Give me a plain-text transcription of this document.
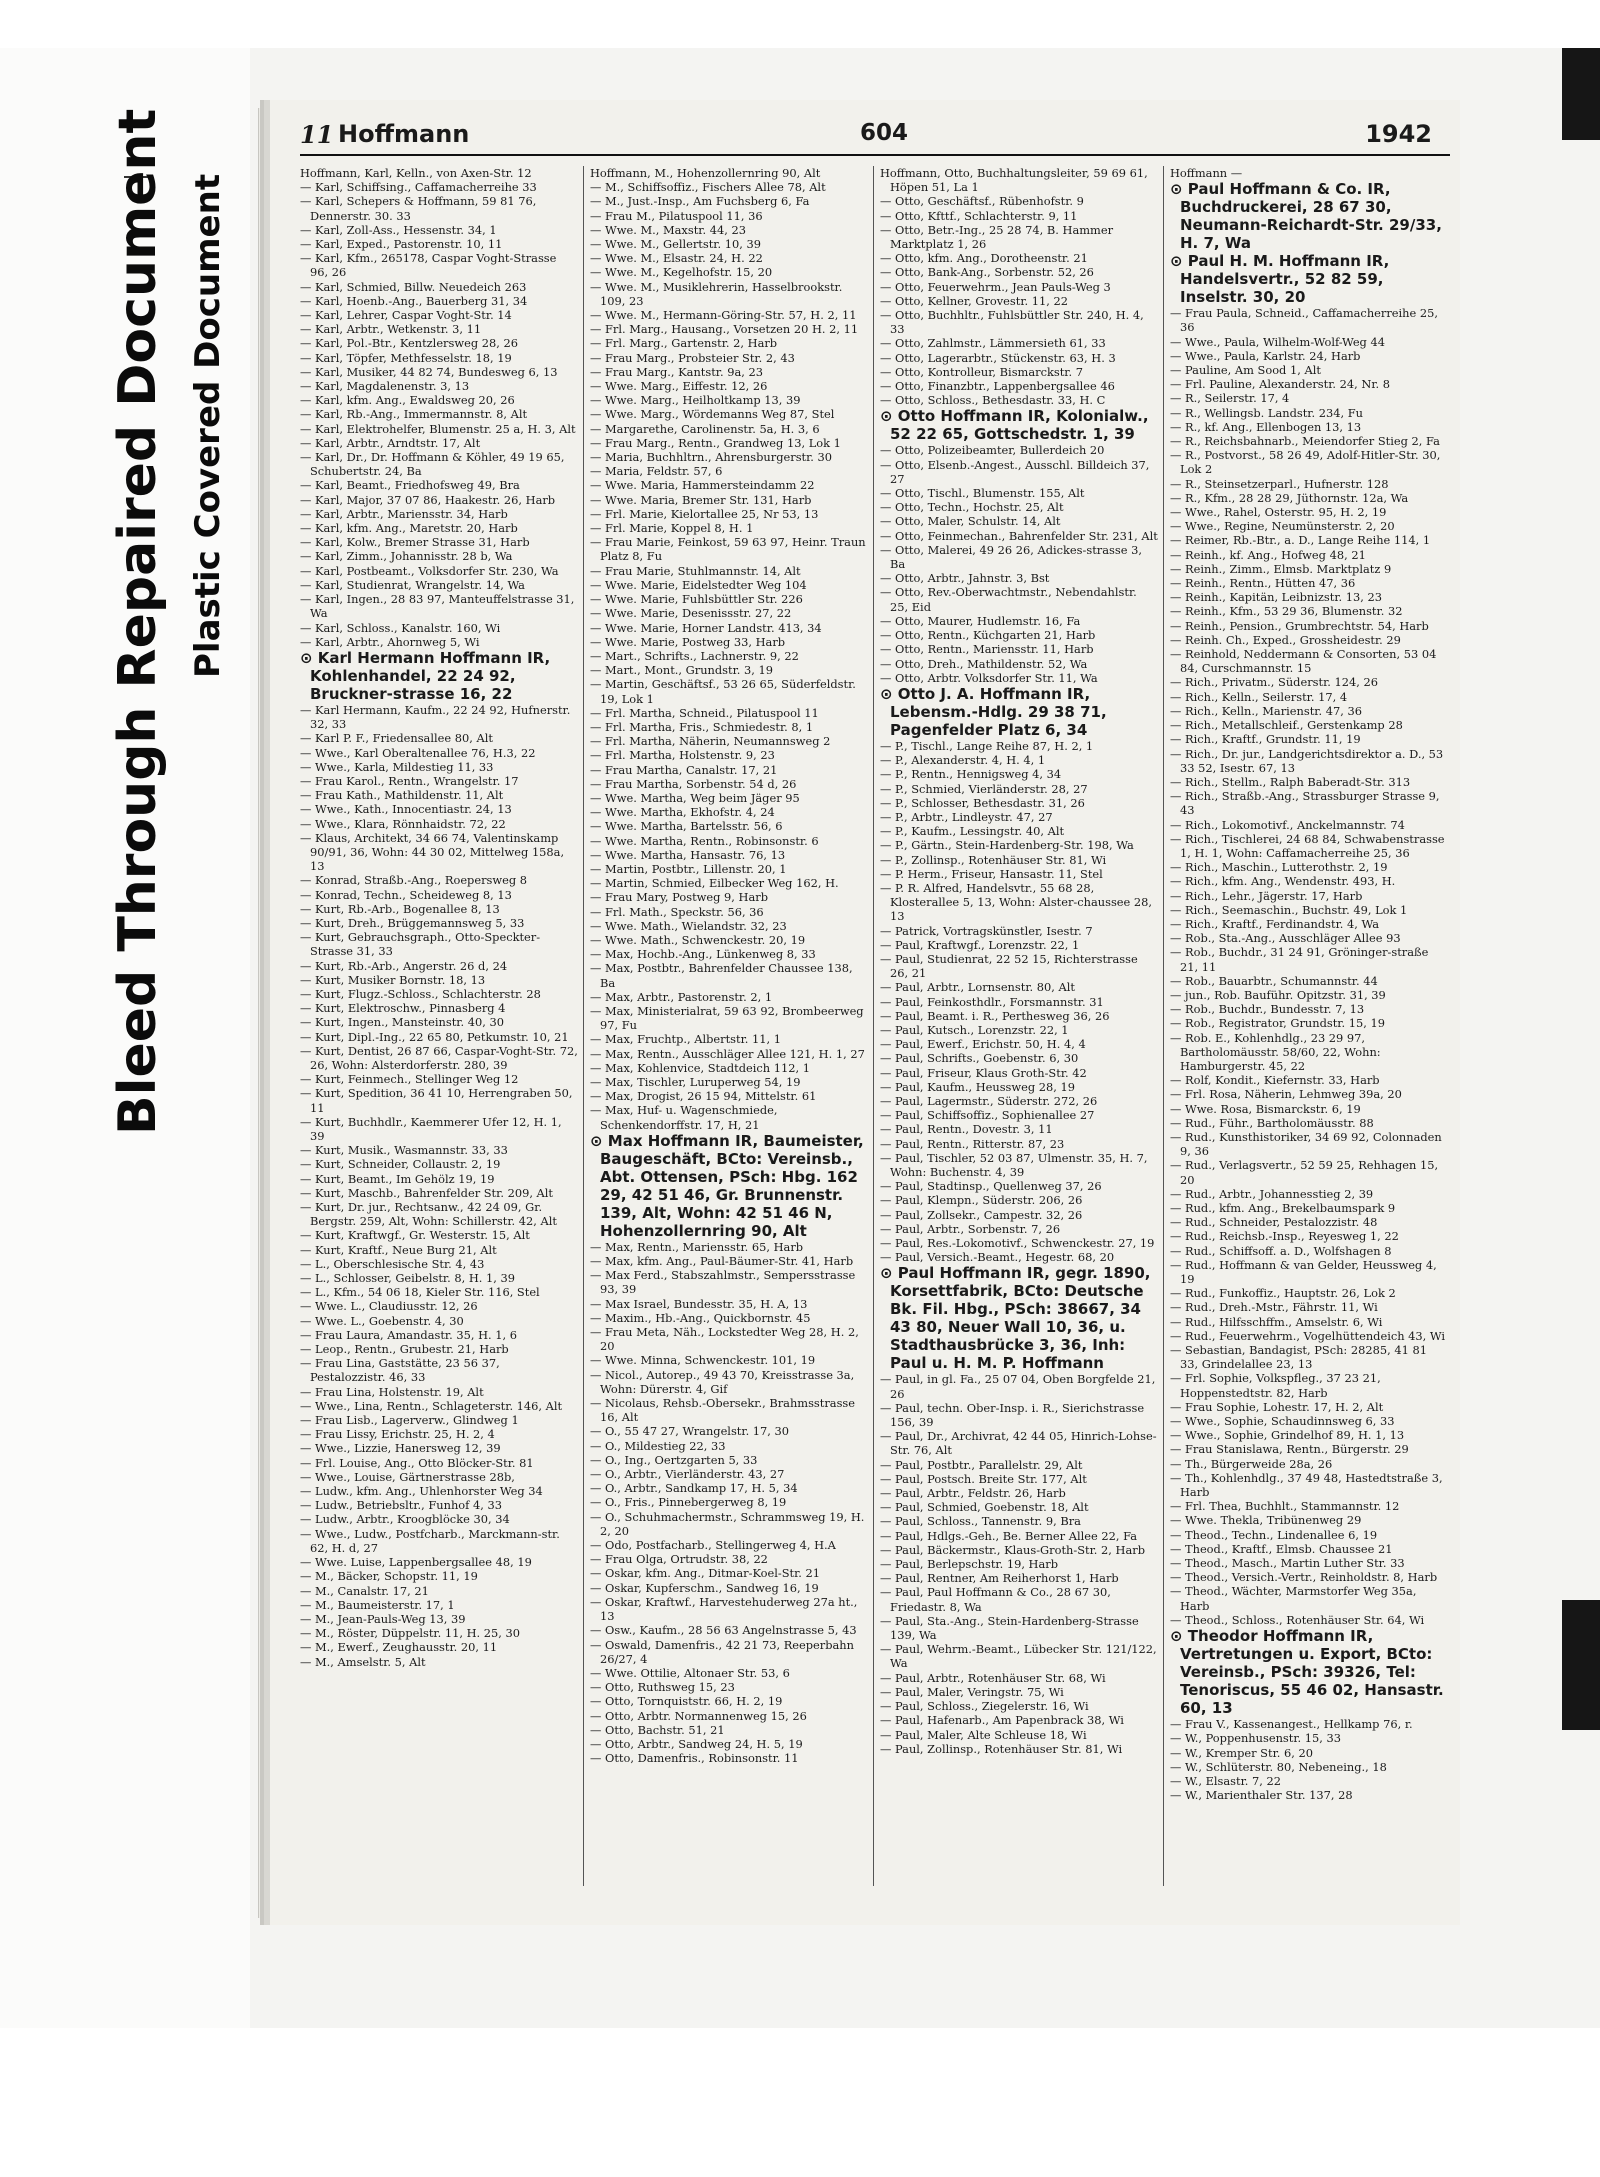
Bleed Through Repaired Document Plastic Covered Document
11 Hoffmann	604	1942

Hoffmann, Karl, Kelln., von Axen-Str. 12

— Karl, Schiffsing., Caffamacherreihe 33

— Karl, Schepers & Hoffmann, 59 81 76, Dennerstr. 30. 33

— Karl, Zoll-Ass., Hessenstr. 34, 1

— Karl, Exped., Pastorenstr. 10, 11

— Karl, Kfm., 265178, Caspar Voght-Strasse 96, 26

— Karl, Schmied, Billw. Neuedeich 263

— Karl, Hoenb.-Ang., Bauerberg 31, 34

— Karl, Lehrer, Caspar Voght-Str. 14

— Karl, Arbtr., Wetkenstr. 3, 11

— Karl, Pol.-Btr., Kentzlersweg 28, 26

— Karl, Töpfer, Methfesselstr. 18, 19

— Karl, Musiker, 44 82 74, Bundesweg 6, 13

— Karl, Magdalenenstr. 3, 13

— Karl, kfm. Ang., Ewaldsweg 20, 26

— Karl, Rb.-Ang., Immermannstr. 8, Alt

— Karl, Elektrohelfer, Blumenstr. 25 a, H. 3, Alt

— Karl, Arbtr., Arndtstr. 17, Alt

— Karl, Dr., Dr. Hoffmann & Köhler, 49 19 65, Schubertstr. 24, Ba

— Karl, Beamt., Friedhofsweg 49, Bra

— Karl, Major, 37 07 86, Haakestr. 26, Harb

— Karl, Arbtr., Mariensstr. 34, Harb

— Karl, kfm. Ang., Maretstr. 20, Harb

— Karl, Kolw., Bremer Strasse 31, Harb

— Karl, Zimm., Johannisstr. 28 b, Wa

— Karl, Postbeamt., Volksdorfer Str. 230, Wa

— Karl, Studienrat, Wrangelstr. 14, Wa

— Karl, Ingen., 28 83 97, Manteuffelstrasse 31, Wa

— Karl, Schloss., Kanalstr. 160, Wi

— Karl, Arbtr., Ahornweg 5, Wi

⊙ Karl Hermann Hoffmann IR, Kohlenhandel, 22 24 92, Bruckner-strasse 16, 22

— Karl Hermann, Kaufm., 22 24 92, Hufnerstr. 32, 33

— Karl P. F., Friedensallee 80, Alt

— Wwe., Karl Oberaltenallee 76, H.3, 22

— Wwe., Karla, Mildestieg 11, 33

— Frau Karol., Rentn., Wrangelstr. 17

— Frau Kath., Mathildenstr. 11, Alt

— Wwe., Kath., Innocentiastr. 24, 13

— Wwe., Klara, Rönnhaidstr. 72, 22

— Klaus, Architekt, 34 66 74, Valentinskamp 90/91, 36, Wohn: 44 30 02, Mittelweg 158a, 13

— Konrad, Straßb.-Ang., Roepersweg 8

— Konrad, Techn., Scheideweg 8, 13

— Kurt, Rb.-Arb., Bogenallee 8, 13

— Kurt, Dreh., Brüggemannsweg 5, 33

— Kurt, Gebrauchsgraph., Otto-Speckter-Strasse 31, 33

— Kurt, Rb.-Arb., Angerstr. 26 d, 24

— Kurt, Musiker Bornstr. 18, 13

— Kurt, Flugz.-Schloss., Schlachterstr. 28

— Kurt, Elektroschw., Pinnasberg 4

— Kurt, Ingen., Mansteinstr. 40, 30

— Kurt, Dipl.-Ing., 22 65 80, Petkumstr. 10, 21

— Kurt, Dentist, 26 87 66, Caspar-Voght-Str. 72, 26, Wohn: Alsterdorferstr. 280, 39

— Kurt, Feinmech., Stellinger Weg 12

— Kurt, Spedition, 36 41 10, Herrengraben 50, 11

— Kurt, Buchhdlr., Kaemmerer Ufer 12, H. 1, 39

— Kurt, Musik., Wasmannstr. 33, 33

— Kurt, Schneider, Collaustr. 2, 19

— Kurt, Beamt., Im Gehölz 19, 19

— Kurt, Maschb., Bahrenfelder Str. 209, Alt

— Kurt, Dr. jur., Rechtsanw., 42 24 09, Gr. Bergstr. 259, Alt, Wohn: Schillerstr. 42, Alt

— Kurt, Kraftwgf., Gr. Westerstr. 15, Alt

— Kurt, Kraftf., Neue Burg 21, Alt

— L., Oberschlesische Str. 4, 43

— L., Schlosser, Geibelstr. 8, H. 1, 39

— L., Kfm., 54 06 18, Kieler Str. 116, Stel

— Wwe. L., Claudiusstr. 12, 26

— Wwe. L., Goebenstr. 4, 30

— Frau Laura, Amandastr. 35, H. 1, 6

— Leop., Rentn., Grubestr. 21, Harb

— Frau Lina, Gaststätte, 23 56 37, Pestalozzistr. 46, 33

— Frau Lina, Holstenstr. 19, Alt

— Wwe., Lina, Rentn., Schlageterstr. 146, Alt

— Frau Lisb., Lagerverw., Glindweg 1

— Frau Lissy, Erichstr. 25, H. 2, 4

— Wwe., Lizzie, Hanersweg 12, 39

— Frl. Louise, Ang., Otto Blöcker-Str. 81

— Wwe., Louise, Gärtnerstrasse 28b,

— Ludw., kfm. Ang., Uhlenhorster Weg 34

— Ludw., Betriebsltr., Funhof 4, 33

— Ludw., Arbtr., Kroogblöcke 30, 34

— Wwe., Ludw., Postfcharb., Marckmann-str. 62, H. d, 27

— Wwe. Luise, Lappenbergsallee 48, 19

— M., Bäcker, Schopstr. 11, 19

— M., Canalstr. 17, 21

— M., Baumeisterstr. 17, 1

— M., Jean-Pauls-Weg 13, 39

— M., Röster, Düppelstr. 11, H. 25, 30

— M., Ewerf., Zeughausstr. 20, 11

— M., Amselstr. 5, Alt

Hoffmann, M., Hohenzollernring 90, Alt

— M., Schiffsoffiz., Fischers Allee 78, Alt

— M., Just.-Insp., Am Fuchsberg 6, Fa

— Frau M., Pilatuspool 11, 36

— Wwe. M., Maxstr. 44, 23

— Wwe. M., Gellertstr. 10, 39

— Wwe. M., Elsastr. 24, H. 22

— Wwe. M., Kegelhofstr. 15, 20

— Wwe. M., Musiklehrerin, Hasselbrookstr. 109, 23

— Wwe. M., Hermann-Göring-Str. 57, H. 2, 11

— Frl. Marg., Hausang., Vorsetzen 20 H. 2, 11

— Frl. Marg., Gartenstr. 2, Harb

— Frau Marg., Probsteier Str. 2, 43

— Frau Marg., Kantstr. 9a, 23

— Wwe. Marg., Eiffestr. 12, 26

— Wwe. Marg., Heilholtkamp 13, 39

— Wwe. Marg., Wördemanns Weg 87, Stel

— Margarethe, Carolinenstr. 5a, H. 3, 6

— Frau Marg., Rentn., Grandweg 13, Lok 1

— Maria, Buchhltrn., Ahrensburgerstr. 30

— Maria, Feldstr. 57, 6

— Wwe. Maria, Hammersteindamm 22

— Wwe. Maria, Bremer Str. 131, Harb

— Frl. Marie, Kielortallee 25, Nr 53, 13

— Frl. Marie, Koppel 8, H. 1

— Frau Marie, Feinkost, 59 63 97, Heinr. Traun Platz 8, Fu

— Frau Marie, Stuhlmannstr. 14, Alt

— Wwe. Marie, Eidelstedter Weg 104

— Wwe. Marie, Fuhlsbüttler Str. 226

— Wwe. Marie, Desenissstr. 27, 22

— Wwe. Marie, Horner Landstr. 413, 34

— Wwe. Marie, Postweg 33, Harb

— Mart., Schrifts., Lachnerstr. 9, 22

— Mart., Mont., Grundstr. 3, 19

— Martin, Geschäftsf., 53 26 65, Süderfeldstr. 19, Lok 1

— Frl. Martha, Schneid., Pilatuspool 11

— Frl. Martha, Fris., Schmiedestr. 8, 1

— Frl. Martha, Näherin, Neumannsweg 2

— Frl. Martha, Holstenstr. 9, 23

— Frau Martha, Canalstr. 17, 21

— Frau Martha, Sorbenstr. 54 d, 26

— Wwe. Martha, Weg beim Jäger 95

— Wwe. Martha, Ekhofstr. 4, 24

— Wwe. Martha, Bartelsstr. 56, 6

— Wwe. Martha, Rentn., Robinsonstr. 6

— Wwe. Martha, Hansastr. 76, 13

— Martin, Postbtr., Lillenstr. 20, 1

— Martin, Schmied, Eilbecker Weg 162, H.

— Frau Mary, Postweg 9, Harb

— Frl. Math., Speckstr. 56, 36

— Wwe. Math., Wielandstr. 32, 23

— Wwe. Math., Schwenckestr. 20, 19

— Max, Hochb.-Ang., Lünkenweg 8, 33

— Max, Postbtr., Bahrenfelder Chaussee 138, Ba

— Max, Arbtr., Pastorenstr. 2, 1

— Max, Ministerialrat, 59 63 92, Brombeerweg 97, Fu

— Max, Fruchtp., Albertstr. 11, 1

— Max, Rentn., Ausschläger Allee 121, H. 1, 27

— Max, Kohlenvice, Stadtdeich 112, 1

— Max, Tischler, Luruperweg 54, 19

— Max, Drogist, 26 15 94, Mittelstr. 61

— Max, Huf- u. Wagenschmiede, Schenkendorffstr. 17, H, 21

⊙ Max Hoffmann IR, Baumeister, Baugeschäft, BCto: Vereinsb., Abt. Ottensen, PSch: Hbg. 162 29, 42 51 46, Gr. Brunnenstr. 139, Alt, Wohn: 42 51 46 N, Hohenzollernring 90, Alt

— Max, Rentn., Mariensstr. 65, Harb

— Max, kfm. Ang., Paul-Bäumer-Str. 41, Harb

— Max Ferd., Stabszahlmstr., Sempersstrasse 93, 39

— Max Israel, Bundesstr. 35, H. A, 13

— Maxim., Hb.-Ang., Quickbornstr. 45

— Frau Meta, Näh., Lockstedter Weg 28, H. 2, 20

— Wwe. Minna, Schwenckestr. 101, 19

— Nicol., Autorep., 49 43 70, Kreisstrasse 3a, Wohn: Dürerstr. 4, Gif

— Nicolaus, Rehsb.-Obersekr., Brahmsstrasse 16, Alt

— O., 55 47 27, Wrangelstr. 17, 30

— O., Mildestieg 22, 33

— O., Ing., Oertzgarten 5, 33

— O., Arbtr., Vierländerstr. 43, 27

— O., Arbtr., Sandkamp 17, H. 5, 34

— O., Fris., Pinnebergerweg 8, 19

— O., Schuhmachermstr., Schrammsweg 19, H. 2, 20

— Odo, Postfacharb., Stellingerweg 4, H.A

— Frau Olga, Ortrudstr. 38, 22

— Oskar, kfm. Ang., Ditmar-Koel-Str. 21

— Oskar, Kupferschm., Sandweg 16, 19

— Oskar, Kraftwf., Harvestehuderweg 27a ht., 13

— Osw., Kaufm., 28 56 63 Angelnstrasse 5, 43

— Oswald, Damenfris., 42 21 73, Reeperbahn 26/27, 4

— Wwe. Ottilie, Altonaer Str. 53, 6

— Otto, Ruthsweg 15, 23

— Otto, Tornquiststr. 66, H. 2, 19

— Otto, Arbtr. Normannenweg 15, 26

— Otto, Bachstr. 51, 21

— Otto, Arbtr., Sandweg 24, H. 5, 19

— Otto, Damenfris., Robinsonstr. 11

Hoffmann, Otto, Buchhaltungsleiter, 59 69 61, Höpen 51, La 1

— Otto, Geschäftsf., Rübenhofstr. 9

— Otto, Kfttf., Schlachterstr. 9, 11

— Otto, Betr.-Ing., 25 28 74, B. Hammer Marktplatz 1, 26

— Otto, kfm. Ang., Dorotheenstr. 21

— Otto, Bank-Ang., Sorbenstr. 52, 26

— Otto, Feuerwehrm., Jean Pauls-Weg 3

— Otto, Kellner, Grovestr. 11, 22

— Otto, Buchhltr., Fuhlsbüttler Str. 240, H. 4, 33

— Otto, Zahlmstr., Lämmersieth 61, 33

— Otto, Lagerarbtr., Stückenstr. 63, H. 3

— Otto, Kontrolleur, Bismarckstr. 7

— Otto, Finanzbtr., Lappenbergsallee 46

— Otto, Schloss., Bethesdastr. 33, H. C

⊙ Otto Hoffmann IR, Kolonialw., 52 22 65, Gottschedstr. 1, 39

— Otto, Polizeibeamter, Bullerdeich 20

— Otto, Elsenb.-Angest., Ausschl. Billdeich 37, 27

— Otto, Tischl., Blumenstr. 155, Alt

— Otto, Techn., Hochstr. 25, Alt

— Otto, Maler, Schulstr. 14, Alt

— Otto, Feinmechan., Bahrenfelder Str. 231, Alt

— Otto, Malerei, 49 26 26, Adickes-strasse 3, Ba

— Otto, Arbtr., Jahnstr. 3, Bst

— Otto, Rev.-Oberwachtmstr., Nebendahlstr. 25, Eid

— Otto, Maurer, Hudlemstr. 16, Fa

— Otto, Rentn., Küchgarten 21, Harb

— Otto, Rentn., Mariensstr. 11, Harb

— Otto, Dreh., Mathildenstr. 52, Wa

— Otto, Arbtr. Volksdorfer Str. 11, Wa

⊙ Otto J. A. Hoffmann IR, Lebensm.-Hdlg. 29 38 71, Pagenfelder Platz 6, 34

— P., Tischl., Lange Reihe 87, H. 2, 1

— P., Alexanderstr. 4, H. 4, 1

— P., Rentn., Hennigsweg 4, 34

— P., Schmied, Vierländerstr. 28, 27

— P., Schlosser, Bethesdastr. 31, 26

— P., Arbtr., Lindleystr. 47, 27

— P., Kaufm., Lessingstr. 40, Alt

— P., Gärtn., Stein-Hardenberg-Str. 198, Wa

— P., Zollinsp., Rotenhäuser Str. 81, Wi

— P. Herm., Friseur, Hansastr. 11, Stel

— P. R. Alfred, Handelsvtr., 55 68 28, Klosterallee 5, 13, Wohn: Alster-chaussee 28, 13

— Patrick, Vortragskünstler, Isestr. 7

— Paul, Kraftwgf., Lorenzstr. 22, 1

— Paul, Studienrat, 22 52 15, Richterstrasse 26, 21

— Paul, Arbtr., Lornsenstr. 80, Alt

— Paul, Feinkosthdlr., Forsmannstr. 31

— Paul, Beamt. i. R., Perthesweg 36, 26

— Paul, Kutsch., Lorenzstr. 22, 1

— Paul, Ewerf., Erichstr. 50, H. 4, 4

— Paul, Schrifts., Goebenstr. 6, 30

— Paul, Friseur, Klaus Groth-Str. 42

— Paul, Kaufm., Heussweg 28, 19

— Paul, Lagermstr., Süderstr. 272, 26

— Paul, Schiffsoffiz., Sophienallee 27

— Paul, Rentn., Dovestr. 3, 11

— Paul, Rentn., Ritterstr. 87, 23

— Paul, Tischler, 52 03 87, Ulmenstr. 35, H. 7, Wohn: Buchenstr. 4, 39

— Paul, Stadtinsp., Quellenweg 37, 26

— Paul, Klempn., Süderstr. 206, 26

— Paul, Zollsekr., Campestr. 32, 26

— Paul, Arbtr., Sorbenstr. 7, 26

— Paul, Res.-Lokomotivf., Schwenckestr. 27, 19

— Paul, Versich.-Beamt., Hegestr. 68, 20

⊙ Paul Hoffmann IR, gegr. 1890, Korsettfabrik, BCto: Deutsche Bk. Fil. Hbg., PSch: 38667, 34 43 80, Neuer Wall 10, 36, u. Stadthausbrücke 3, 36, Inh: Paul u. H. M. P. Hoffmann

— Paul, in gl. Fa., 25 07 04, Oben Borgfelde 21, 26

— Paul, techn. Ober-Insp. i. R., Sierichstrasse 156, 39

— Paul, Dr., Archivrat, 42 44 05, Hinrich-Lohse-Str. 76, Alt

— Paul, Postbtr., Parallelstr. 29, Alt

— Paul, Postsch. Breite Str. 177, Alt

— Paul, Arbtr., Feldstr. 26, Harb

— Paul, Schmied, Goebenstr. 18, Alt

— Paul, Schloss., Tannenstr. 9, Bra

— Paul, Hdlgs.-Geh., Be. Berner Allee 22, Fa

— Paul, Bäckermstr., Klaus-Groth-Str. 2, Harb

— Paul, Berlepschstr. 19, Harb

— Paul, Rentner, Am Reiherhorst 1, Harb

— Paul, Paul Hoffmann & Co., 28 67 30, Friedastr. 8, Wa

— Paul, Sta.-Ang., Stein-Hardenberg-Strasse 139, Wa

— Paul, Wehrm.-Beamt., Lübecker Str. 121/122, Wa

— Paul, Arbtr., Rotenhäuser Str. 68, Wi

— Paul, Maler, Veringstr. 75, Wi

— Paul, Schloss., Ziegelerstr. 16, Wi

— Paul, Hafenarb., Am Papenbrack 38, Wi

— Paul, Maler, Alte Schleuse 18, Wi

— Paul, Zollinsp., Rotenhäuser Str. 81, Wi

Hoffmann —

⊙ Paul Hoffmann & Co. IR, Buchdruckerei, 28 67 30, Neumann-Reichardt-Str. 29/33, H. 7, Wa

⊙ Paul H. M. Hoffmann IR, Handelsvertr., 52 82 59, Inselstr. 30, 20

— Frau Paula, Schneid., Caffamacherreihe 25, 36

— Wwe., Paula, Wilhelm-Wolf-Weg 44

— Wwe., Paula, Karlstr. 24, Harb

— Pauline, Am Sood 1, Alt

— Frl. Pauline, Alexanderstr. 24, Nr. 8

— R., Seilerstr. 17, 4

— R., Wellingsb. Landstr. 234, Fu

— R., kf. Ang., Ellenbogen 13, 13

— R., Reichsbahnarb., Meiendorfer Stieg 2, Fa

— R., Postvorst., 58 26 49, Adolf-Hitler-Str. 30, Lok 2

— R., Steinsetzerparl., Hufnerstr. 128

— R., Kfm., 28 28 29, Jüthornstr. 12a, Wa

— Wwe., Rahel, Osterstr. 95, H. 2, 19

— Wwe., Regine, Neumünsterstr. 2, 20

— Reimer, Rb.-Btr., a. D., Lange Reihe 114, 1

— Reinh., kf. Ang., Hofweg 48, 21

— Reinh., Zimm., Elmsb. Marktplatz 9

— Reinh., Rentn., Hütten 47, 36

— Reinh., Kapitän, Leibnizstr. 13, 23

— Reinh., Kfm., 53 29 36, Blumenstr. 32

— Reinh., Pension., Grumbrechtstr. 54, Harb

— Reinh. Ch., Exped., Grossheidestr. 29

— Reinhold, Neddermann & Consorten, 53 04 84, Curschmannstr. 15

— Rich., Privatm., Süderstr. 124, 26

— Rich., Kelln., Seilerstr. 17, 4

— Rich., Kelln., Marienstr. 47, 36

— Rich., Metallschleif., Gerstenkamp 28

— Rich., Kraftf., Grundstr. 11, 19

— Rich., Dr. jur., Landgerichtsdirektor a. D., 53 33 52, Isestr. 67, 13

— Rich., Stellm., Ralph Baberadt-Str. 313

— Rich., Straßb.-Ang., Strassburger Strasse 9, 43

— Rich., Lokomotivf., Anckelmannstr. 74

— Rich., Tischlerei, 24 68 84, Schwabenstrasse 1, H. 1, Wohn: Caffamacherreihe 25, 36

— Rich., Maschin., Lutterothstr. 2, 19

— Rich., kfm. Ang., Wendenstr. 493, H.

— Rich., Lehr., Jägerstr. 17, Harb

— Rich., Seemaschin., Buchstr. 49, Lok 1

— Rich., Kraftf., Ferdinandstr. 4, Wa

— Rob., Sta.-Ang., Ausschläger Allee 93

— Rob., Buchdr., 31 24 91, Gröninger-straße 21, 11

— Rob., Bauarbtr., Schumannstr. 44

— jun., Rob. Bauführ. Opitzstr. 31, 39

— Rob., Buchdr., Bundesstr. 7, 13

— Rob., Registrator, Grundstr. 15, 19

— Rob. E., Kohlenhdlg., 23 29 97, Bartholomäusstr. 58/60, 22, Wohn: Hamburgerstr. 45, 22

— Rolf, Kondit., Kiefernstr. 33, Harb

— Frl. Rosa, Näherin, Lehmweg 39a, 20

— Wwe. Rosa, Bismarckstr. 6, 19

— Rud., Führ., Bartholomäusstr. 88

— Rud., Kunsthistoriker, 34 69 92, Colonnaden 9, 36

— Rud., Verlagsvertr., 52 59 25, Rehhagen 15, 20

— Rud., Arbtr., Johannesstieg 2, 39

— Rud., kfm. Ang., Brekelbaumspark 9

— Rud., Schneider, Pestalozzistr. 48

— Rud., Reichsb.-Insp., Reyesweg 1, 22

— Rud., Schiffsoff. a. D., Wolfshagen 8

— Rud., Hoffmann & van Gelder, Heussweg 4, 19

— Rud., Funkoffiz., Hauptstr. 26, Lok 2

— Rud., Dreh.-Mstr., Fährstr. 11, Wi

— Rud., Hilfsschffm., Amselstr. 6, Wi

— Rud., Feuerwehrm., Vogelhüttendeich 43, Wi

— Sebastian, Bandagist, PSch: 28285, 41 81 33, Grindelallee 23, 13

— Frl. Sophie, Volkspfleg., 37 23 21, Hoppenstedtstr. 82, Harb

— Frau Sophie, Lohestr. 17, H. 2, Alt

— Wwe., Sophie, Schaudinnsweg 6, 33

— Wwe., Sophie, Grindelhof 89, H. 1, 13

— Frau Stanislawa, Rentn., Bürgerstr. 29

— Th., Bürgerweide 28a, 26

— Th., Kohlenhdlg., 37 49 48, Hastedtstraße 3, Harb

— Frl. Thea, Buchhlt., Stammannstr. 12

— Wwe. Thekla, Tribünenweg 29

— Theod., Techn., Lindenallee 6, 19

— Theod., Kraftf., Elmsb. Chaussee 21

— Theod., Masch., Martin Luther Str. 33

— Theod., Versich.-Vertr., Reinholdstr. 8, Harb

— Theod., Wächter, Marmstorfer Weg 35a, Harb

— Theod., Schloss., Rotenhäuser Str. 64, Wi

⊙ Theodor Hoffmann IR, Vertretungen u. Export, BCto: Vereinsb., PSch: 39326, Tel: Tenoriscus, 55 46 02, Hansastr. 60, 13

— Frau V., Kassenangest., Hellkamp 76, r.

— W., Poppenhusenstr. 15, 33

— W., Kremper Str. 6, 20

— W., Schlüterstr. 80, Nebeneing., 18

— W., Elsastr. 7, 22

— W., Marienthaler Str. 137, 28
